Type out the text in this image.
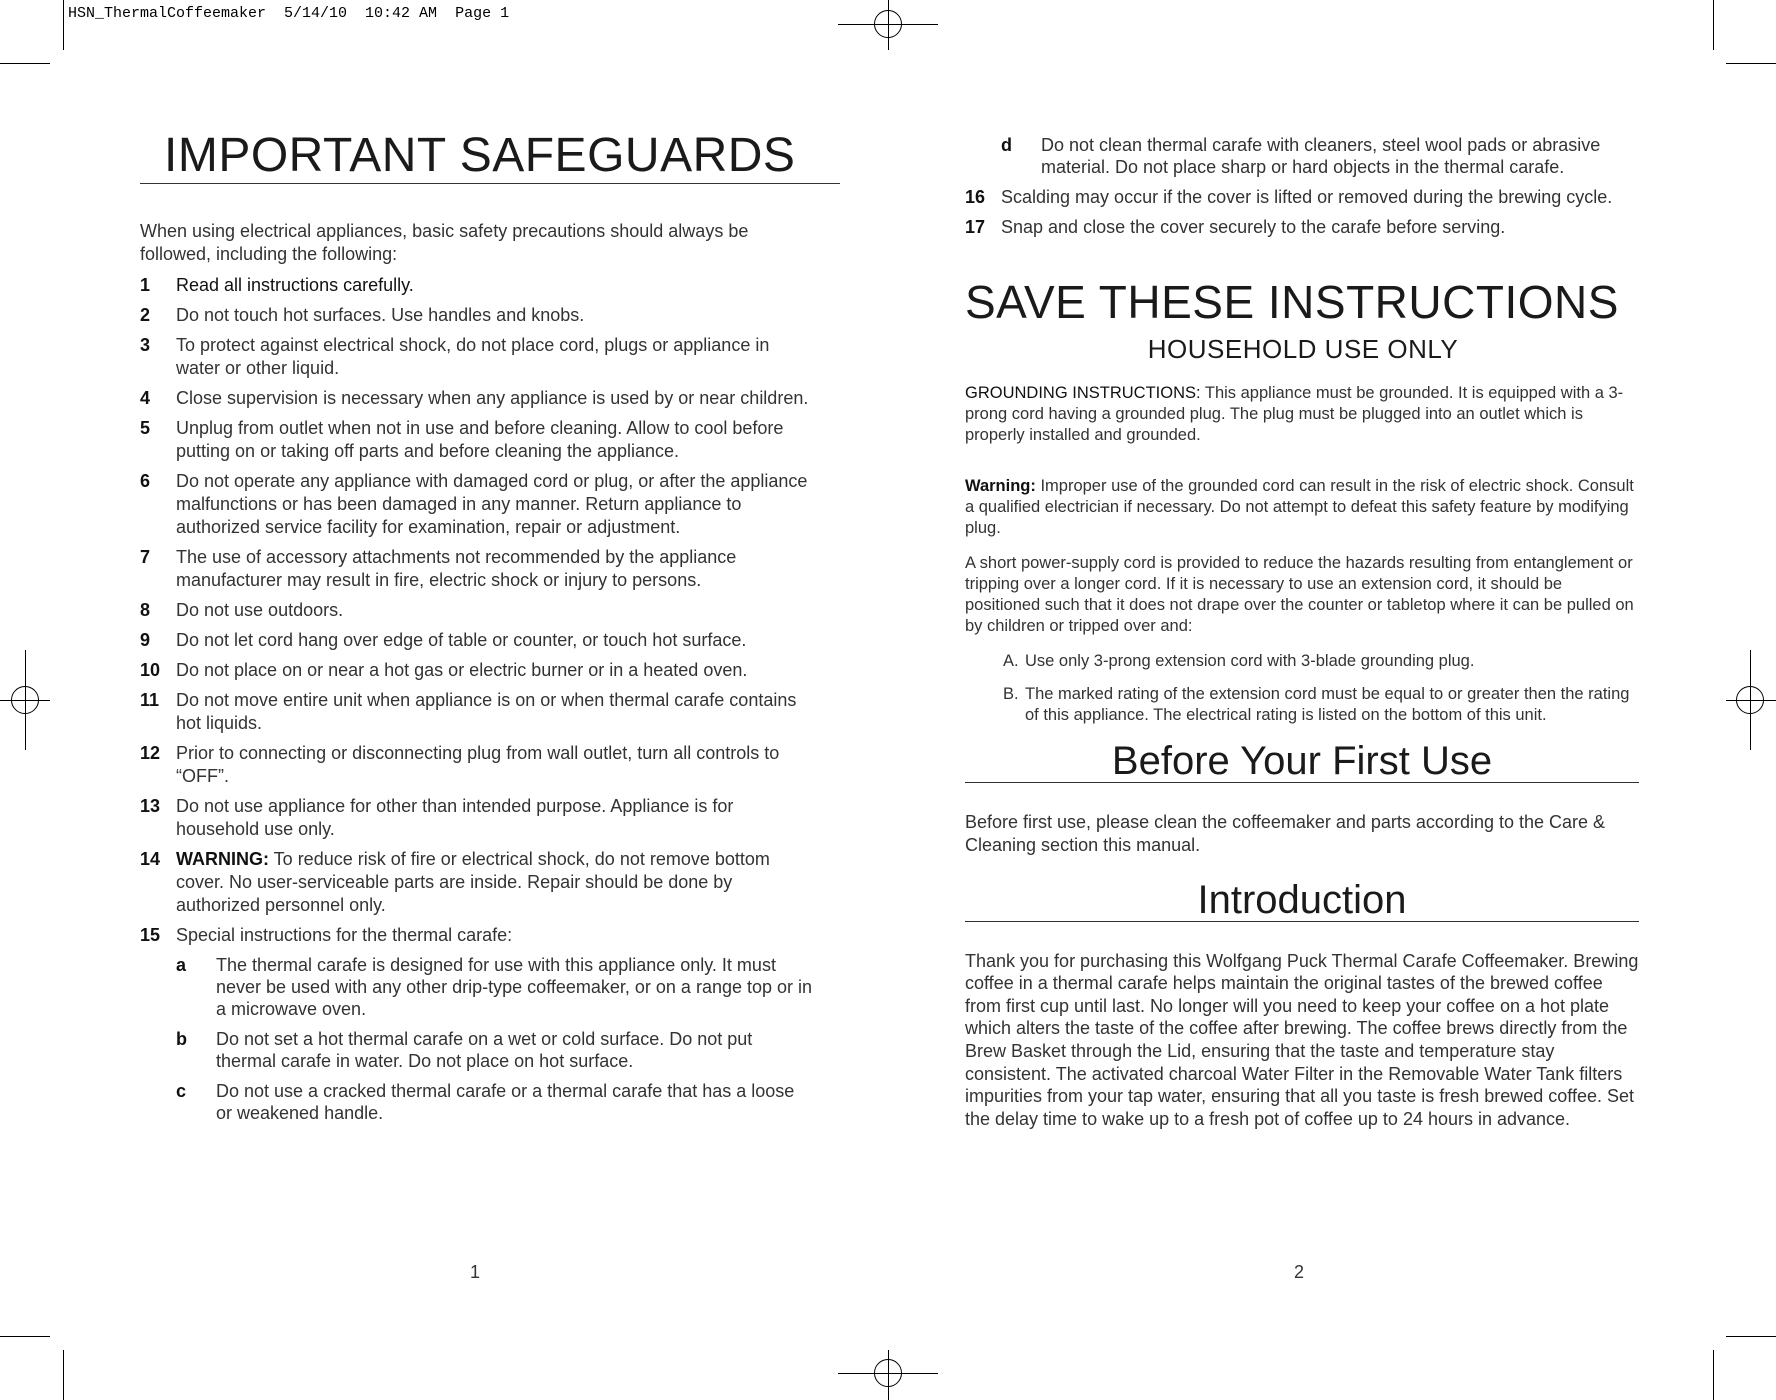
HSN_ThermalCoffeemaker  5/14/10  10:42 AM  Page 1
IMPORTANT SAFEGUARDS

When using electrical appliances, basic safety precautions should always be followed, including the following:

1	Read all instructions carefully.
2	Do not touch hot surfaces. Use handles and knobs.
3	To protect against electrical shock, do not place cord, plugs or appliance in water or other liquid.
4	Close supervision is necessary when any appliance is used by or near children.
5	Unplug from outlet when not in use and before cleaning. Allow to cool before putting on or taking off parts and before cleaning the appliance.
6	Do not operate any appliance with damaged cord or plug, or after the appliance malfunctions or has been damaged in any manner. Return appliance to authorized service facility for examination, repair or adjustment.
7	The use of accessory attachments not recommended by the appliance manufacturer may result in fire, electric shock or injury to persons.
8	Do not use outdoors.
9	Do not let cord hang over edge of table or counter, or touch hot surface.
10 Do not place on or near a hot gas or electric burner or in a heated oven.
11 Do not move entire unit when appliance is on or when thermal carafe contains hot liquids.
12 Prior to connecting or disconnecting plug from wall outlet, turn all controls to “OFF”.
13 Do not use appliance for other than intended purpose. Appliance is for household use only.
14 WARNING: To reduce risk of fire or electrical shock, do not remove bottom cover. No user-serviceable parts are inside. Repair should be done by authorized personnel only.
15 Special instructions for the thermal carafe:
a	The thermal carafe is designed for use with this appliance only. It must never be used with any other drip-type coffeemaker, or on a range top or in a microwave oven.
b	Do not set a hot thermal carafe on a wet or cold surface. Do not put thermal carafe in water. Do not place on hot surface.
c	Do not use a cracked thermal carafe or a thermal carafe that has a loose or weakened handle.
1
d	Do not clean thermal carafe with cleaners, steel wool pads or abrasive material. Do not place sharp or hard objects in the thermal carafe.
16 Scalding may occur if the cover is lifted or removed during the brewing cycle.
17 Snap and close the cover securely to the carafe before serving.
SAVE THESE INSTRUCTIONS
HOUSEHOLD USE ONLY

GROUNDING INSTRUCTIONS: This appliance must be grounded. It is equipped with a 3-prong cord having a grounded plug. The plug must be plugged into an outlet which is properly installed and grounded.

Warning: Improper use of the grounded cord can result in the risk of electric shock. Consult a qualified electrician if necessary. Do not attempt to defeat this safety feature by modifying plug.

A short power-supply cord is provided to reduce the hazards resulting from entanglement or tripping over a longer cord. If it is necessary to use an extension cord, it should be positioned such that it does not drape over the counter or tabletop where it can be pulled on by children or tripped over and:

A. Use only 3-prong extension cord with 3-blade grounding plug.
B. The marked rating of the extension cord must be equal to or greater then the rating of this appliance. The electrical rating is listed on the bottom of this unit.
Before Your First Use

Before first use, please clean the coffeemaker and parts according to the Care & Cleaning section this manual.

Introduction

Thank you for purchasing this Wolfgang Puck Thermal Carafe Coffeemaker. Brewing coffee in a thermal carafe helps maintain the original tastes of the brewed coffee from first cup until last. No longer will you need to keep your coffee on a hot plate which alters the taste of the coffee after brewing. The coffee brews directly from the Brew Basket through the Lid, ensuring that the taste and temperature stay consistent. The activated charcoal Water Filter in the Removable Water Tank filters impurities from your tap water, ensuring that all you taste is fresh brewed coffee. Set the delay time to wake up to a fresh pot of coffee up to 24 hours in advance.

2
